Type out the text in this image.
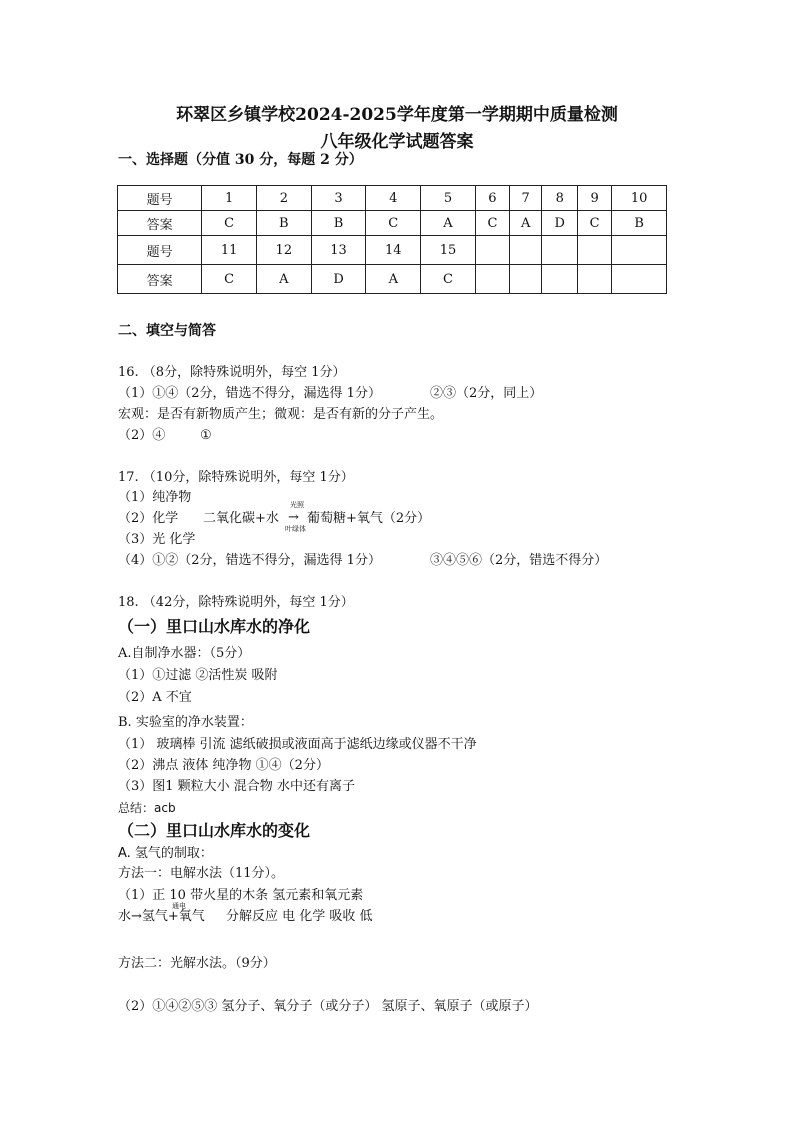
环翠区乡镇学校2024-2025学年度第一学期期中质量检测
八年级化学试题答案
一、选择题（分值 30 分，每题 2 分）
题号	1	2	3	4	5	6	7	8	9	10
答案	C	B	B	C	A	C	A	D	C	B
题号	11	12	13	14	15					
答案	C	A	D	A	C					
二、填空与简答
16. （8分，除特殊说明外，每空 1分）
（1）①④（2分，错选不得分，漏选得 1分）	②③（2分，同上）
宏观：是否有新物质产生；微观：是否有新的分子产生。
（2）④	①
17. （10分，除特殊说明外，每空 1分）
（1）纯净物
（2）化学 二氧化碳+水
光照
→
叶绿体
葡萄糖+氧气（2分）
（3）光 化学
（4）①②（2分，错选不得分，漏选得 1分）	③④⑤⑥（2分，错选不得分）
18. （42分，除特殊说明外，每空 1分）
（一）里口山水库水的净化
A.自制净水器：（5分）
（1）①过滤 ②活性炭 吸附
（2）A 不宜
B. 实验室的净水装置：
（1） 玻璃棒 引流 滤纸破损或液面高于滤纸边缘或仪器不干净
（2）沸点 液体 纯净物 ①④（2分）
（3）图1 颗粒大小 混合物 水中还有离子
总结：acb
（二）里口山水库水的变化
A. 氢气的制取：
方法一：电解水法（11分）。
（1）正 10 带火星的木条 氢元素和氧元素
通电
水→氢气+氧气 分解反应 电 化学 吸收 低
方法二：光解水法。（9分）
（2）①④②⑤③ 氢分子、氧分子（或分子） 氢原子、氧原子（或原子）
